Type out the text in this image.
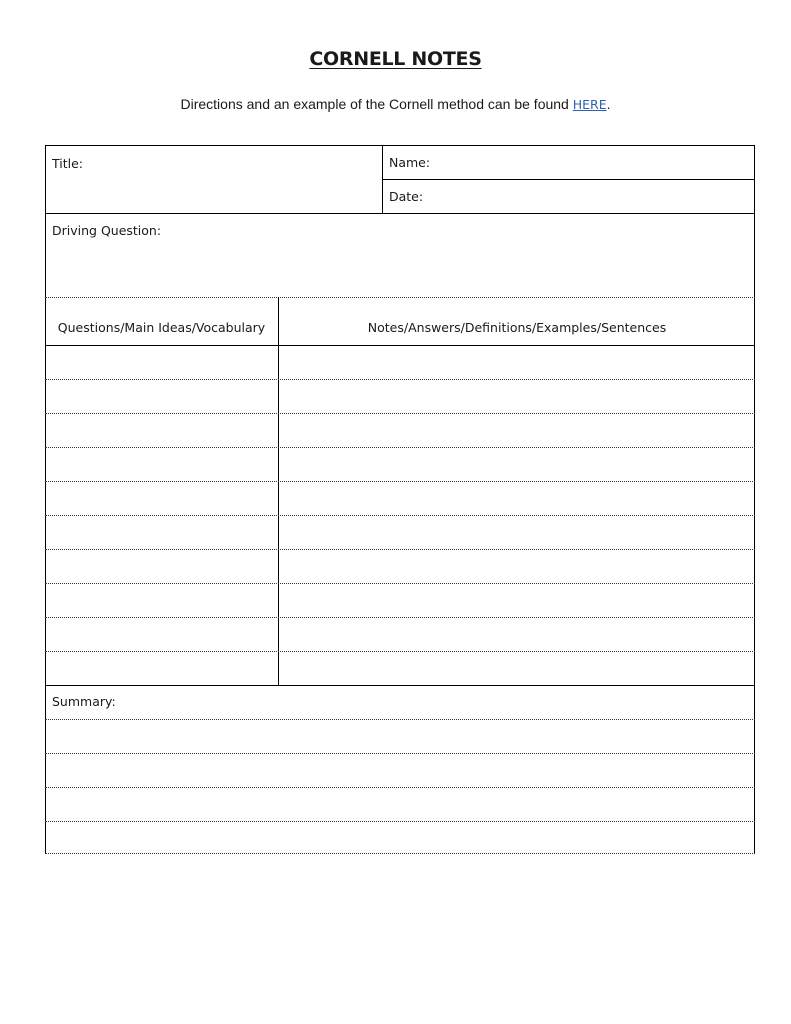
CORNELL NOTES
Directions and an example of the Cornell method can be found HERE.
Title:	Name:
Date:
Driving Question:
Questions/Main Ideas/Vocabulary	Notes/Answers/Definitions/Examples/Sentences
Summary:
